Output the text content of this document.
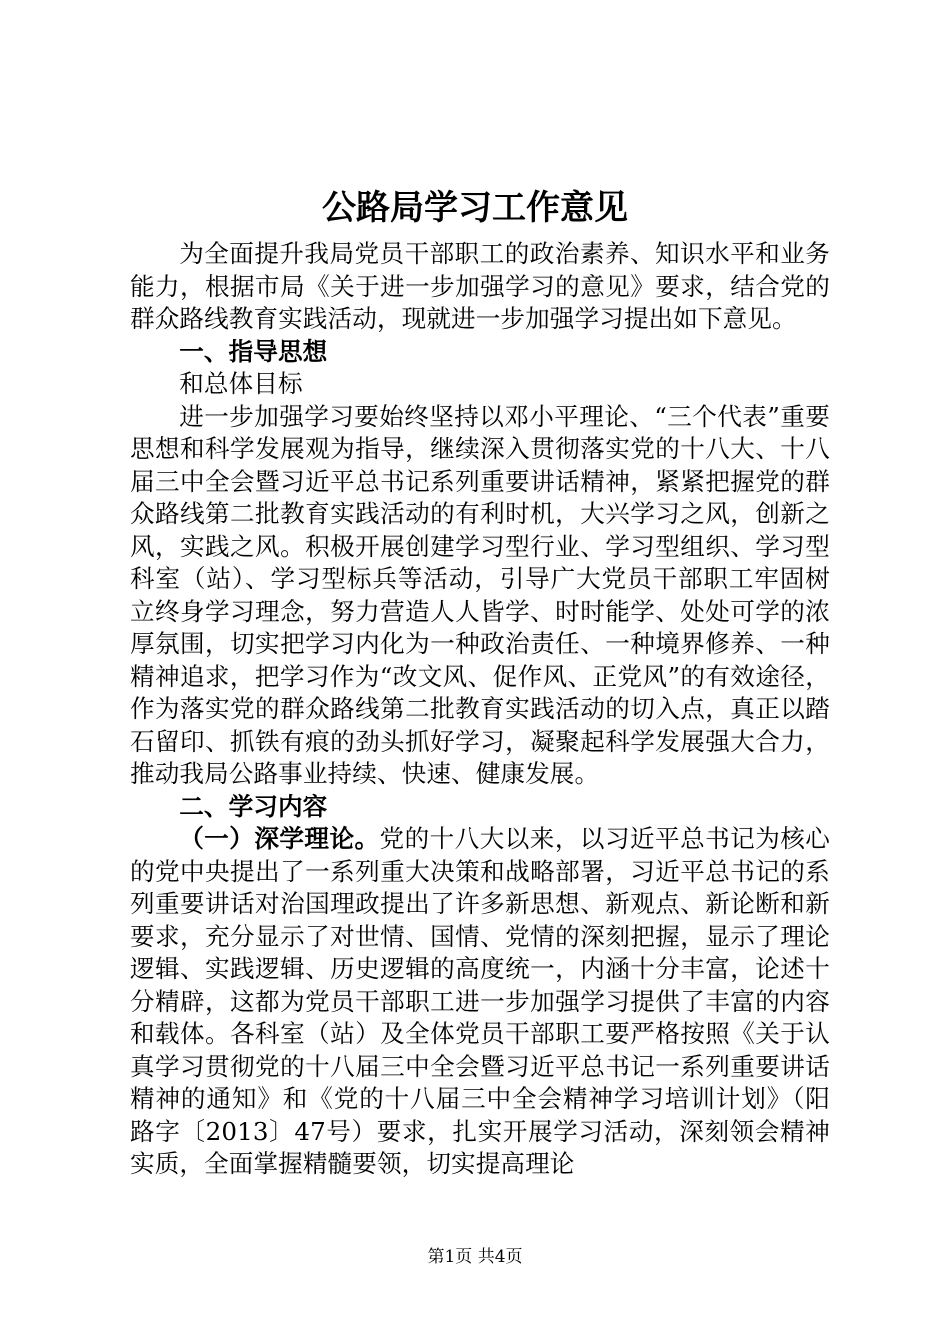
公路局学习工作意见

为全面提升我局党员干部职工的政治素养、知识水平和业务能力，根据市局《关于进一步加强学习的意见》要求，结合党的群众路线教育实践活动，现就进一步加强学习提出如下意见。

一、指导思想

和总体目标

进一步加强学习要始终坚持以邓小平理论、“三个代表”重要思想和科学发展观为指导，继续深入贯彻落实党的十八大、十八届三中全会暨习近平总书记系列重要讲话精神，紧紧把握党的群众路线第二批教育实践活动的有利时机，大兴学习之风，创新之风，实践之风。积极开展创建学习型行业、学习型组织、学习型科室（站）、学习型标兵等活动，引导广大党员干部职工牢固树立终身学习理念，努力营造人人皆学、时时能学、处处可学的浓厚氛围，切实把学习内化为一种政治责任、一种境界修养、一种精神追求，把学习作为“改文风、促作风、正党风”的有效途径，作为落实党的群众路线第二批教育实践活动的切入点，真正以踏石留印、抓铁有痕的劲头抓好学习，凝聚起科学发展强大合力，推动我局公路事业持续、快速、健康发展。

二、学习内容

（一）深学理论。党的十八大以来，以习近平总书记为核心的党中央提出了一系列重大决策和战略部署，习近平总书记的系列重要讲话对治国理政提出了许多新思想、新观点、新论断和新要求，充分显示了对世情、国情、党情的深刻把握，显示了理论逻辑、实践逻辑、历史逻辑的高度统一，内涵十分丰富，论述十分精辟，这都为党员干部职工进一步加强学习提供了丰富的内容和载体。各科室（站）及全体党员干部职工要严格按照《关于认真学习贯彻党的十八届三中全会暨习近平总书记一系列重要讲话精神的通知》和《党的十八届三中全会精神学习培训计划》（阳路字〔2013〕47号）要求，扎实开展学习活动，深刻领会精神实质，全面掌握精髓要领，切实提高理论

第1页 共4页
